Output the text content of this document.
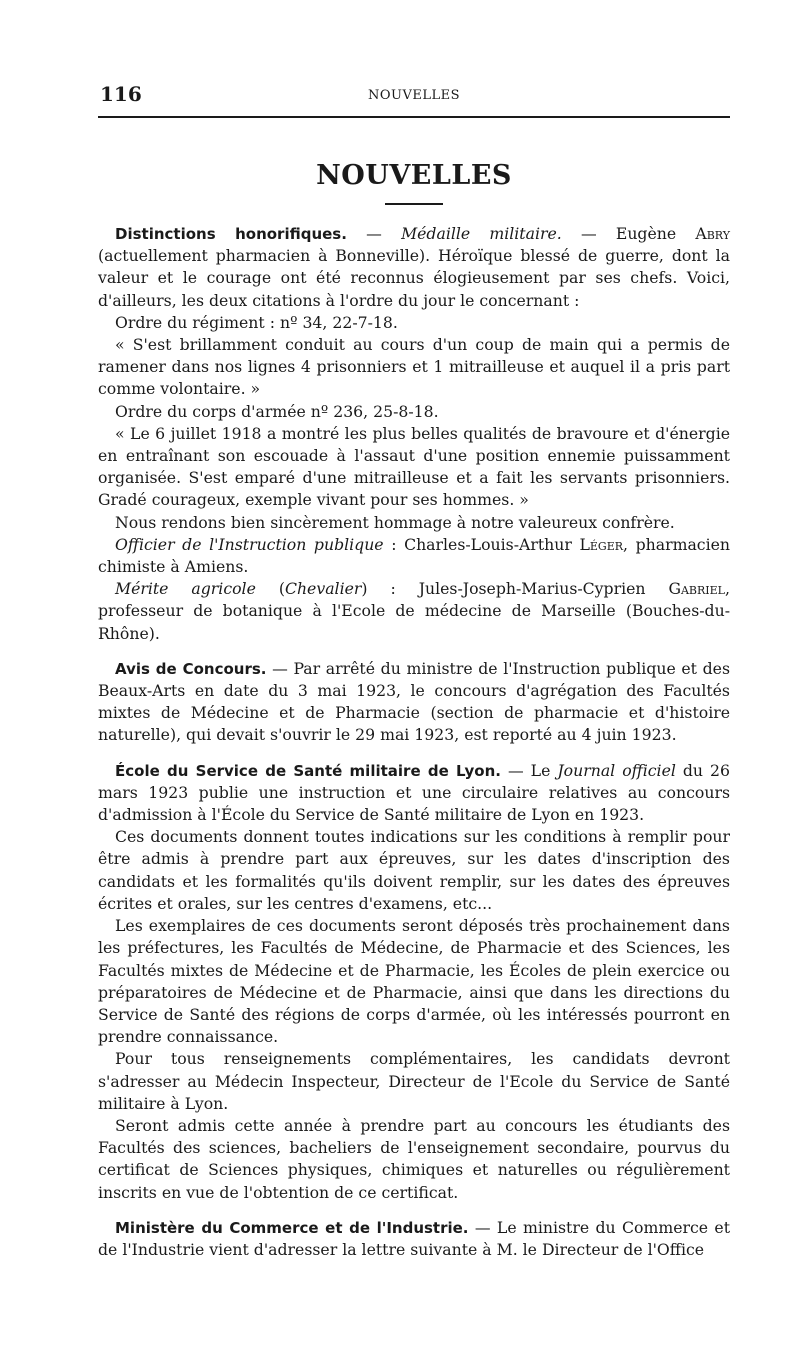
116	NOUVELLES
NOUVELLES

Distinctions honorifiques. — Médaille militaire. — Eugène Abry (actuellement pharmacien à Bonneville). Héroïque blessé de guerre, dont la valeur et le courage ont été reconnus élogieusement par ses chefs. Voici, d'ailleurs, les deux citations à l'ordre du jour le concernant :

Ordre du régiment : nº 34, 22-7-18.

« S'est brillamment conduit au cours d'un coup de main qui a permis de ramener dans nos lignes 4 prisonniers et 1 mitrailleuse et auquel il a pris part comme volontaire. »

Ordre du corps d'armée nº 236, 25-8-18.

« Le 6 juillet 1918 a montré les plus belles qualités de bravoure et d'énergie en entraînant son escouade à l'assaut d'une position ennemie puissamment organisée. S'est emparé d'une mitrailleuse et a fait les servants prisonniers. Gradé courageux, exemple vivant pour ses hommes. »

Nous rendons bien sincèrement hommage à notre valeureux confrère.

Officier de l'Instruction publique : Charles-Louis-Arthur Léger, pharmacien chimiste à Amiens.

Mérite agricole (Chevalier) : Jules-Joseph-Marius-Cyprien Gabriel, professeur de botanique à l'Ecole de médecine de Marseille (Bouches-du-Rhône).

Avis de Concours. — Par arrêté du ministre de l'Instruction publique et des Beaux-Arts en date du 3 mai 1923, le concours d'agrégation des Facultés mixtes de Médecine et de Pharmacie (section de pharmacie et d'histoire naturelle), qui devait s'ouvrir le 29 mai 1923, est reporté au 4 juin 1923.

École du Service de Santé militaire de Lyon. — Le Journal officiel du 26 mars 1923 publie une instruction et une circulaire relatives au concours d'admission à l'École du Service de Santé militaire de Lyon en 1923.

Ces documents donnent toutes indications sur les conditions à remplir pour être admis à prendre part aux épreuves, sur les dates d'inscription des candidats et les formalités qu'ils doivent remplir, sur les dates des épreuves écrites et orales, sur les centres d'examens, etc...

Les exemplaires de ces documents seront déposés très prochainement dans les préfectures, les Facultés de Médecine, de Pharmacie et des Sciences, les Facultés mixtes de Médecine et de Pharmacie, les Écoles de plein exercice ou préparatoires de Médecine et de Pharmacie, ainsi que dans les directions du Service de Santé des régions de corps d'armée, où les intéressés pourront en prendre connaissance.

Pour tous renseignements complémentaires, les candidats devront s'adresser au Médecin Inspecteur, Directeur de l'Ecole du Service de Santé militaire à Lyon.

Seront admis cette année à prendre part au concours les étudiants des Facultés des sciences, bacheliers de l'enseignement secondaire, pourvus du certificat de Sciences physiques, chimiques et naturelles ou régulièrement inscrits en vue de l'obtention de ce certificat.

Ministère du Commerce et de l'Industrie. — Le ministre du Commerce et de l'Industrie vient d'adresser la lettre suivante à M. le Directeur de l'Office
